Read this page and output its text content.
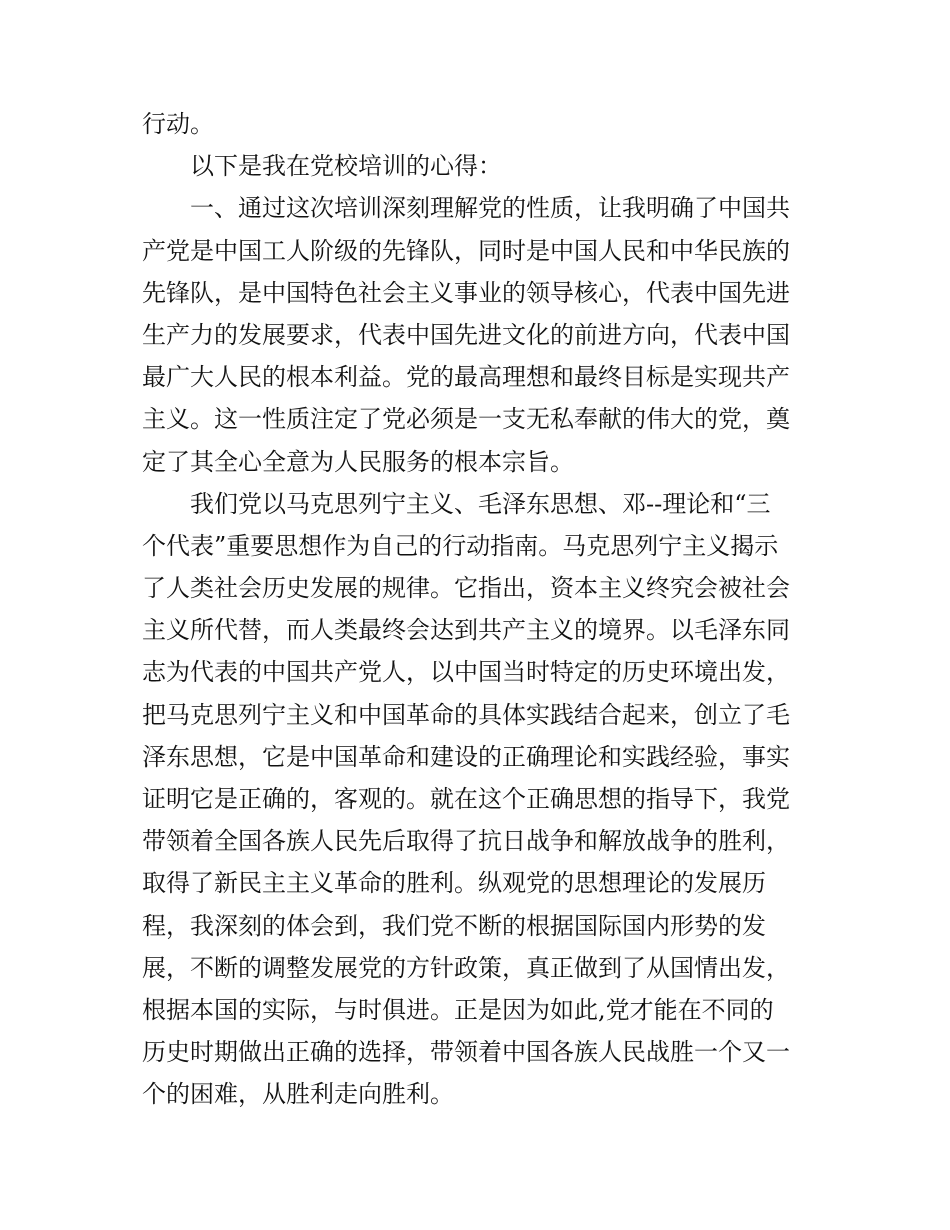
行动。
以下是我在党校培训的心得：
一、通过这次培训深刻理解党的性质，让我明确了中国共
产党是中国工人阶级的先锋队，同时是中国人民和中华民族的
先锋队，是中国特色社会主义事业的领导核心，代表中国先进
生产力的发展要求，代表中国先进文化的前进方向，代表中国
最广大人民的根本利益。党的最高理想和最终目标是实现共产
主义。这一性质注定了党必须是一支无私奉献的伟大的党，奠
定了其全心全意为人民服务的根本宗旨。
我们党以马克思列宁主义、毛泽东思想、邓--理论和“三
个代表”重要思想作为自己的行动指南。马克思列宁主义揭示
了人类社会历史发展的规律。它指出，资本主义终究会被社会
主义所代替，而人类最终会达到共产主义的境界。以毛泽东同
志为代表的中国共产党人，以中国当时特定的历史环境出发，
把马克思列宁主义和中国革命的具体实践结合起来，创立了毛
泽东思想，它是中国革命和建设的正确理论和实践经验，事实
证明它是正确的，客观的。就在这个正确思想的指导下，我党
带领着全国各族人民先后取得了抗日战争和解放战争的胜利，
取得了新民主主义革命的胜利。纵观党的思想理论的发展历
程，我深刻的体会到，我们党不断的根据国际国内形势的发
展，不断的调整发展党的方针政策，真正做到了从国情出发，
根据本国的实际，与时俱进。正是因为如此,党才能在不同的
历史时期做出正确的选择，带领着中国各族人民战胜一个又一
个的困难，从胜利走向胜利。
